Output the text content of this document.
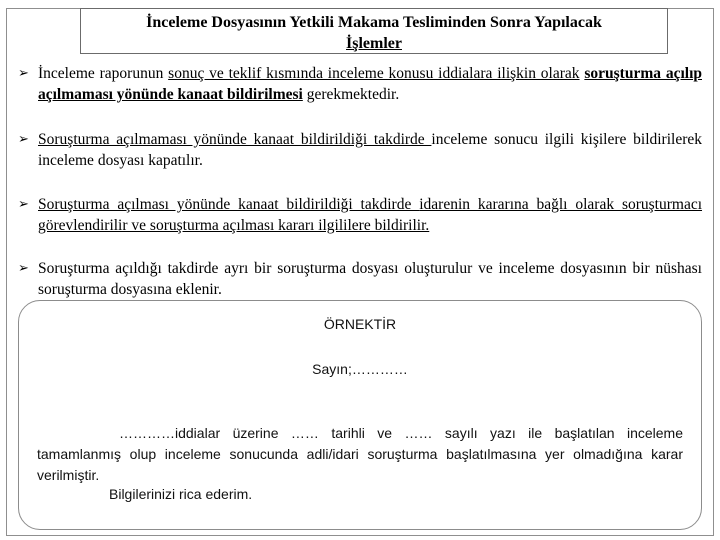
İnceleme Dosyasının Yetkili Makama Tesliminden Sonra Yapılacak
İşlemler
➢ İnceleme raporunun sonuç ve teklif kısmında inceleme konusu iddialara ilişkin olarak soruşturma açılıp açılmaması yönünde kanaat bildirilmesi gerekmektedir.
➢ Soruşturma açılmaması yönünde kanaat bildirildiği takdirde inceleme sonucu ilgili kişilere bildirilerek inceleme dosyası kapatılır.
➢ Soruşturma açılması yönünde kanaat bildirildiği takdirde idarenin kararına bağlı olarak soruşturmacı görevlendirilir ve soruşturma açılması kararı ilgililere bildirilir.
➢ Soruşturma açıldığı takdirde ayrı bir soruşturma dosyası oluşturulur ve inceleme dosyasının bir nüshası soruşturma dosyasına eklenir.
ÖRNEKTİR
Sayın;…………
…………iddialar üzerine …… tarihli ve …… sayılı yazı ile başlatılan inceleme tamamlanmış olup inceleme sonucunda adli/idari soruşturma başlatılmasına yer olmadığına karar verilmiştir.
Bilgilerinizi rica ederim.
